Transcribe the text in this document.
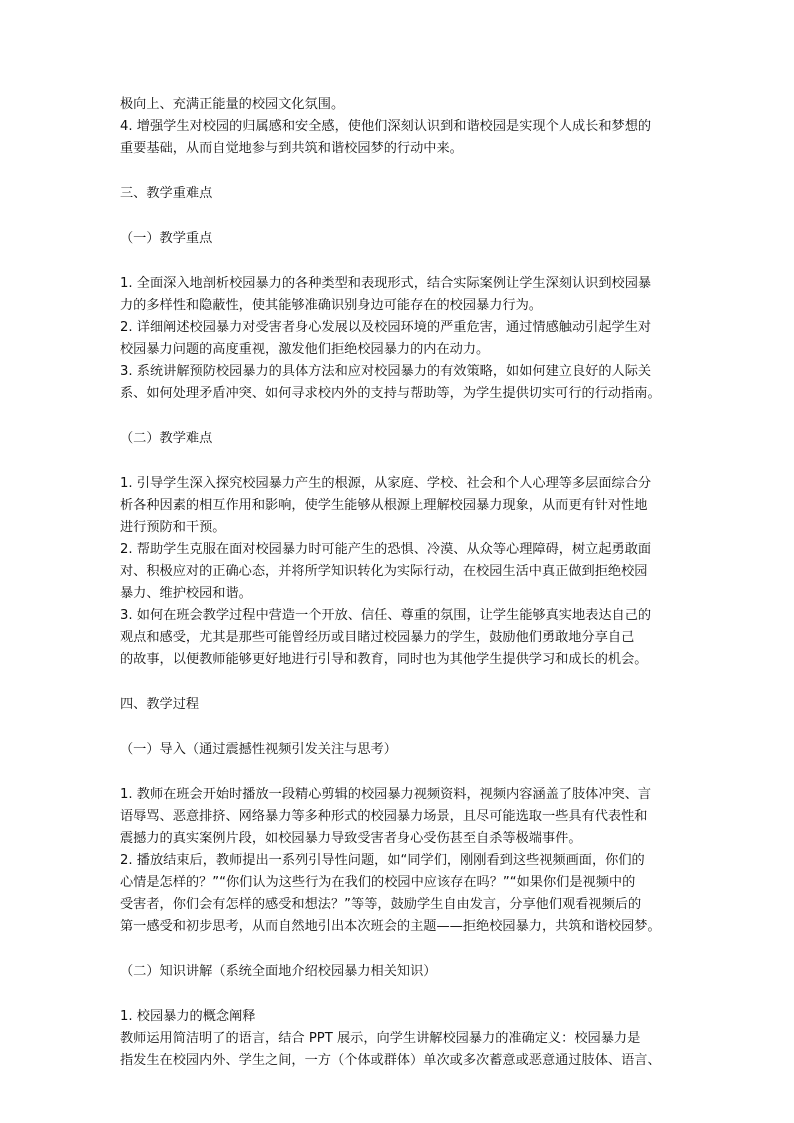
极向上、充满正能量的校园文化氛围。
4. 增强学生对校园的归属感和安全感，使他们深刻认识到和谐校园是实现个人成长和梦想的
重要基础，从而自觉地参与到共筑和谐校园梦的行动中来。
三、教学重难点
（一）教学重点
1. 全面深入地剖析校园暴力的各种类型和表现形式，结合实际案例让学生深刻认识到校园暴
力的多样性和隐蔽性，使其能够准确识别身边可能存在的校园暴力行为。
2. 详细阐述校园暴力对受害者身心发展以及校园环境的严重危害，通过情感触动引起学生对
校园暴力问题的高度重视，激发他们拒绝校园暴力的内在动力。
3. 系统讲解预防校园暴力的具体方法和应对校园暴力的有效策略，如如何建立良好的人际关
系、如何处理矛盾冲突、如何寻求校内外的支持与帮助等，为学生提供切实可行的行动指南。
（二）教学难点
1. 引导学生深入探究校园暴力产生的根源，从家庭、学校、社会和个人心理等多层面综合分
析各种因素的相互作用和影响，使学生能够从根源上理解校园暴力现象，从而更有针对性地
进行预防和干预。
2. 帮助学生克服在面对校园暴力时可能产生的恐惧、冷漠、从众等心理障碍，树立起勇敢面
对、积极应对的正确心态，并将所学知识转化为实际行动，在校园生活中真正做到拒绝校园
暴力、维护校园和谐。
3. 如何在班会教学过程中营造一个开放、信任、尊重的氛围，让学生能够真实地表达自己的
观点和感受，尤其是那些可能曾经历或目睹过校园暴力的学生，鼓励他们勇敢地分享自己
的故事，以便教师能够更好地进行引导和教育，同时也为其他学生提供学习和成长的机会。
四、教学过程
（一）导入（通过震撼性视频引发关注与思考）
1. 教师在班会开始时播放一段精心剪辑的校园暴力视频资料，视频内容涵盖了肢体冲突、言
语辱骂、恶意排挤、网络暴力等多种形式的校园暴力场景，且尽可能选取一些具有代表性和
震撼力的真实案例片段，如校园暴力导致受害者身心受伤甚至自杀等极端事件。
2. 播放结束后，教师提出一系列引导性问题，如“同学们，刚刚看到这些视频画面，你们的
心情是怎样的？”“你们认为这些行为在我们的校园中应该存在吗？”“如果你们是视频中的
受害者，你们会有怎样的感受和想法？”等等，鼓励学生自由发言，分享他们观看视频后的
第一感受和初步思考，从而自然地引出本次班会的主题——拒绝校园暴力，共筑和谐校园梦。
（二）知识讲解（系统全面地介绍校园暴力相关知识）
1. 校园暴力的概念阐释
教师运用简洁明了的语言，结合 PPT 展示，向学生讲解校园暴力的准确定义：校园暴力是
指发生在校园内外、学生之间，一方（个体或群体）单次或多次蓄意或恶意通过肢体、语言、
